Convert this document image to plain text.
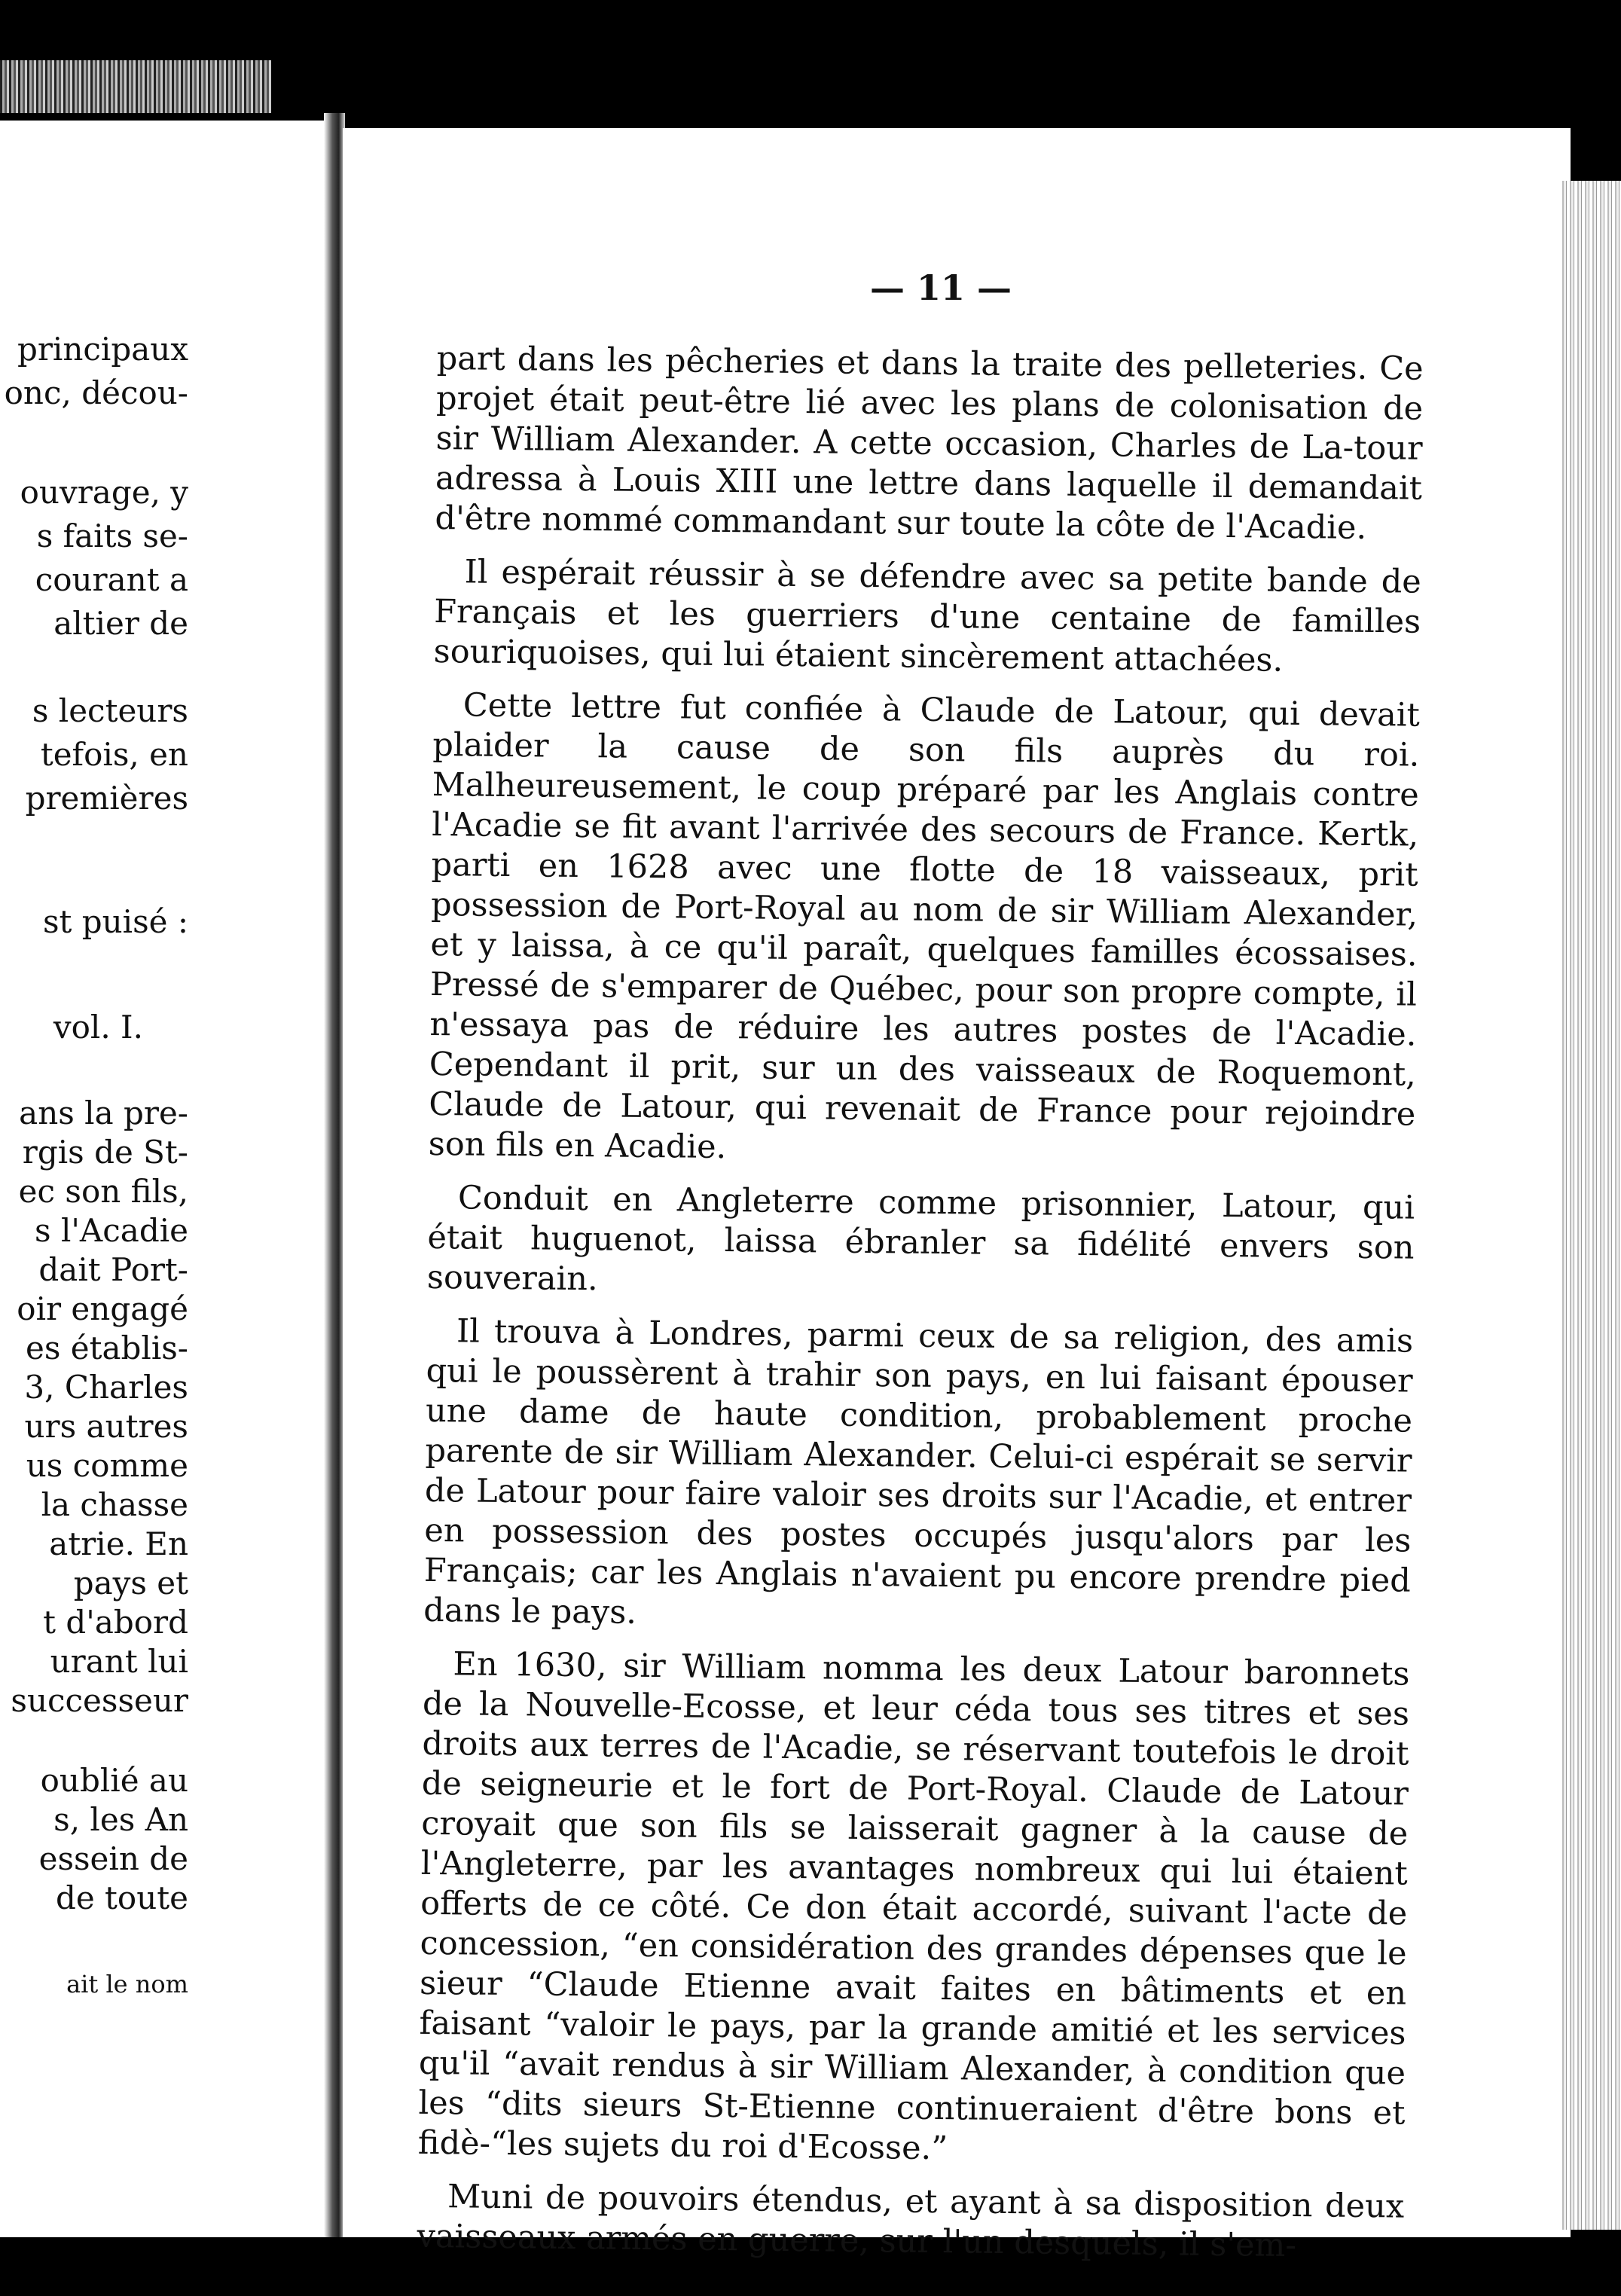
principaux
onc, décou-
ouvrage, y
s faits se-
courant a
altier de
s lecteurs
tefois, en
premières
st puisé :
vol. I.
ans la pre-
rgis de St-
ec son fils,
s l'Acadie
dait Port-
oir engagé
es établis-
3, Charles
urs autres
us comme
la chasse
atrie. En
pays et
t d'abord
urant lui
successeur
oublié au
s, les An
essein de
de toute
ait le nom
— 11 —

part dans les pêcheries et dans la traite des pelleteries. Ce projet était peut-être lié avec les plans de colonisation de sir William Alexander. A cette occasion, Charles de La-tour adressa à Louis XIII une lettre dans laquelle il demandait d'être nommé commandant sur toute la côte de l'Acadie.

Il espérait réussir à se défendre avec sa petite bande de Français et les guerriers d'une centaine de familles souriquoises, qui lui étaient sincèrement attachées.

Cette lettre fut confiée à Claude de Latour, qui devait plaider la cause de son fils auprès du roi. Malheureusement, le coup préparé par les Anglais contre l'Acadie se fit avant l'arrivée des secours de France. Kertk, parti en 1628 avec une flotte de 18 vaisseaux, prit possession de Port-Royal au nom de sir William Alexander, et y laissa, à ce qu'il paraît, quelques familles écossaises. Pressé de s'emparer de Québec, pour son propre compte, il n'essaya pas de réduire les autres postes de l'Acadie. Cependant il prit, sur un des vaisseaux de Roquemont, Claude de Latour, qui revenait de France pour rejoindre son fils en Acadie.

Conduit en Angleterre comme prisonnier, Latour, qui était huguenot, laissa ébranler sa fidélité envers son souverain.

Il trouva à Londres, parmi ceux de sa religion, des amis qui le poussèrent à trahir son pays, en lui faisant épouser une dame de haute condition, probablement proche parente de sir William Alexander. Celui-ci espérait se servir de Latour pour faire valoir ses droits sur l'Acadie, et entrer en possession des postes occupés jusqu'alors par les Français; car les Anglais n'avaient pu encore prendre pied dans le pays.

En 1630, sir William nomma les deux Latour baronnets de la Nouvelle-Ecosse, et leur céda tous ses titres et ses droits aux terres de l'Acadie, se réservant toutefois le droit de seigneurie et le fort de Port-Royal. Claude de Latour croyait que son fils se laisserait gagner à la cause de l'Angleterre, par les avantages nombreux qui lui étaient offerts de ce côté. Ce don était accordé, suivant l'acte de concession, “en considération des grandes dépenses que le sieur “Claude Etienne avait faites en bâtiments et en faisant “valoir le pays, par la grande amitié et les services qu'il “avait rendus à sir William Alexander, à condition que les “dits sieurs St-Etienne continueraient d'être bons et fidè-“les sujets du roi d'Ecosse.”

Muni de pouvoirs étendus, et ayant à sa disposition deux vaisseaux armés en guerre, sur l'un desquels, il s'em-
